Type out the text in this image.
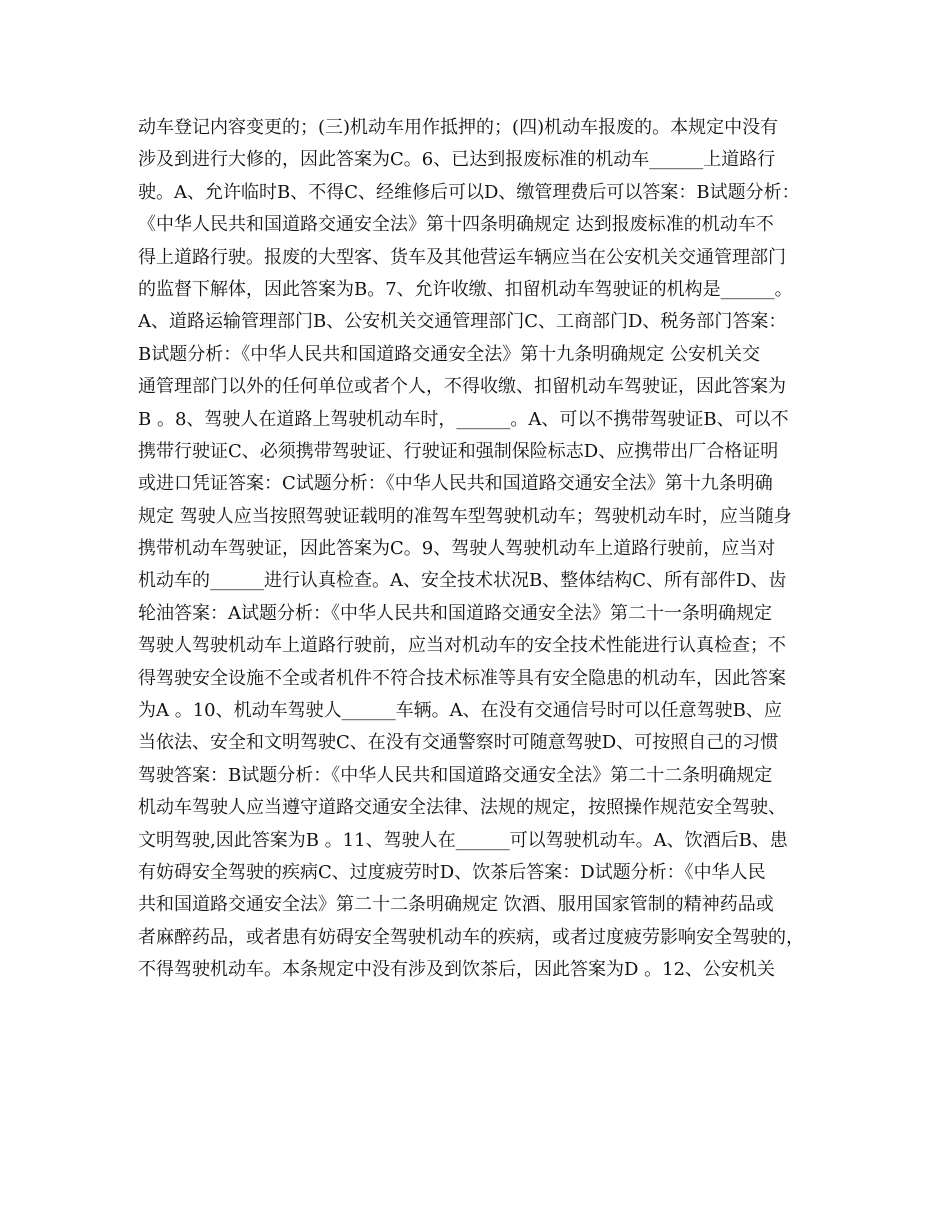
动车登记内容变更的；(三)机动车用作抵押的；(四)机动车报废的。本规定中没有
涉及到进行大修的，因此答案为C。6、已达到报废标准的机动车______上道路行
驶。A、允许临时B、不得C、经维修后可以D、缴管理费后可以答案：B试题分析：
《中华人民共和国道路交通安全法》第十四条明确规定 达到报废标准的机动车不
得上道路行驶。报废的大型客、货车及其他营运车辆应当在公安机关交通管理部门
的监督下解体，因此答案为B。7、允许收缴、扣留机动车驾驶证的机构是______。
A、道路运输管理部门B、公安机关交通管理部门C、工商部门D、税务部门答案：
B试题分析：《中华人民共和国道路交通安全法》第十九条明确规定 公安机关交
通管理部门以外的任何单位或者个人，不得收缴、扣留机动车驾驶证，因此答案为
B 。8、驾驶人在道路上驾驶机动车时，______。A、可以不携带驾驶证B、可以不
携带行驶证C、必须携带驾驶证、行驶证和强制保险标志D、应携带出厂合格证明
或进口凭证答案：C试题分析：《中华人民共和国道路交通安全法》第十九条明确
规定 驾驶人应当按照驾驶证载明的准驾车型驾驶机动车；驾驶机动车时，应当随身
携带机动车驾驶证，因此答案为C。9、驾驶人驾驶机动车上道路行驶前，应当对
机动车的______进行认真检查。A、安全技术状况B、整体结构C、所有部件D、齿
轮油答案：A试题分析：《中华人民共和国道路交通安全法》第二十一条明确规定
驾驶人驾驶机动车上道路行驶前，应当对机动车的安全技术性能进行认真检查；不
得驾驶安全设施不全或者机件不符合技术标准等具有安全隐患的机动车，因此答案
为A 。10、机动车驾驶人______车辆。A、在没有交通信号时可以任意驾驶B、应
当依法、安全和文明驾驶C、在没有交通警察时可随意驾驶D、可按照自己的习惯
驾驶答案：B试题分析：《中华人民共和国道路交通安全法》第二十二条明确规定
机动车驾驶人应当遵守道路交通安全法律、法规的规定，按照操作规范安全驾驶、
文明驾驶,因此答案为B 。11、驾驶人在______可以驾驶机动车。A、饮酒后B、患
有妨碍安全驾驶的疾病C、过度疲劳时D、饮茶后答案：D试题分析：《中华人民
共和国道路交通安全法》第二十二条明确规定 饮酒、服用国家管制的精神药品或
者麻醉药品，或者患有妨碍安全驾驶机动车的疾病，或者过度疲劳影响安全驾驶的，
不得驾驶机动车。本条规定中没有涉及到饮茶后，因此答案为D 。12、公安机关
